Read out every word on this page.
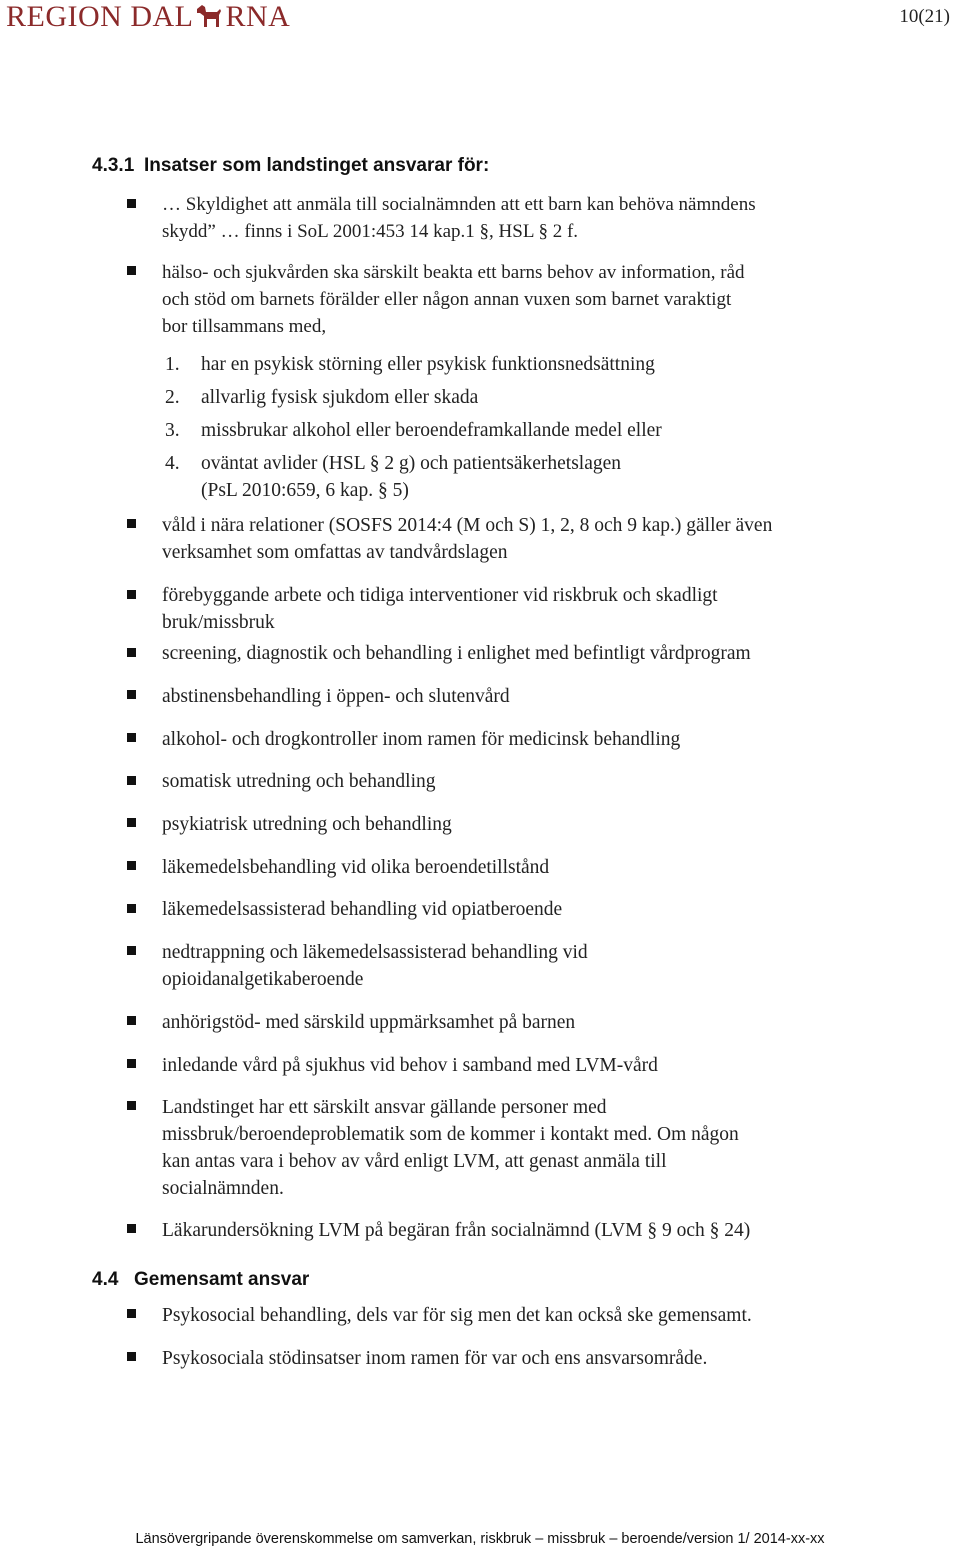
REGION DAL RNA	10(21)
4.3.1 Insatser som landstinget ansvarar för:
… Skyldighet att anmäla till socialnämnden att ett barn kan behöva nämndens
skydd” … finns i SoL 2001:453 14 kap.1 §, HSL § 2 f.
hälso- och sjukvården ska särskilt beakta ett barns behov av information, råd
och stöd om barnets förälder eller någon annan vuxen som barnet varaktigt
bor tillsammans med,
1. har en psykisk störning eller psykisk funktionsnedsättning
2. allvarlig fysisk sjukdom eller skada
3. missbrukar alkohol eller beroendeframkallande medel eller
4. oväntat avlider (HSL § 2 g) och patientsäkerhetslagen
(PsL 2010:659, 6 kap. § 5)
våld i nära relationer (SOSFS 2014:4 (M och S) 1, 2, 8 och 9 kap.) gäller även
verksamhet som omfattas av tandvårdslagen
förebyggande arbete och tidiga interventioner vid riskbruk och skadligt
bruk/missbruk
screening, diagnostik och behandling i enlighet med befintligt vårdprogram
abstinensbehandling i öppen- och slutenvård
alkohol- och drogkontroller inom ramen för medicinsk behandling
somatisk utredning och behandling
psykiatrisk utredning och behandling
läkemedelsbehandling vid olika beroendetillstånd
läkemedelsassisterad behandling vid opiatberoende
nedtrappning och läkemedelsassisterad behandling vid
opioidanalgetikaberoende
anhörigstöd- med särskild uppmärksamhet på barnen
inledande vård på sjukhus vid behov i samband med LVM-vård
Landstinget har ett särskilt ansvar gällande personer med
missbruk/beroendeproblematik som de kommer i kontakt med. Om någon
kan antas vara i behov av vård enligt LVM, att genast anmäla till
socialnämnden.
Läkarundersökning LVM på begäran från socialnämnd (LVM § 9 och § 24)
4.4 Gemensamt ansvar
Psykosocial behandling, dels var för sig men det kan också ske gemensamt.
Psykosociala stödinsatser inom ramen för var och ens ansvarsområde.
Länsövergripande överenskommelse om samverkan, riskbruk – missbruk – beroende/version 1/ 2014-xx-xx
